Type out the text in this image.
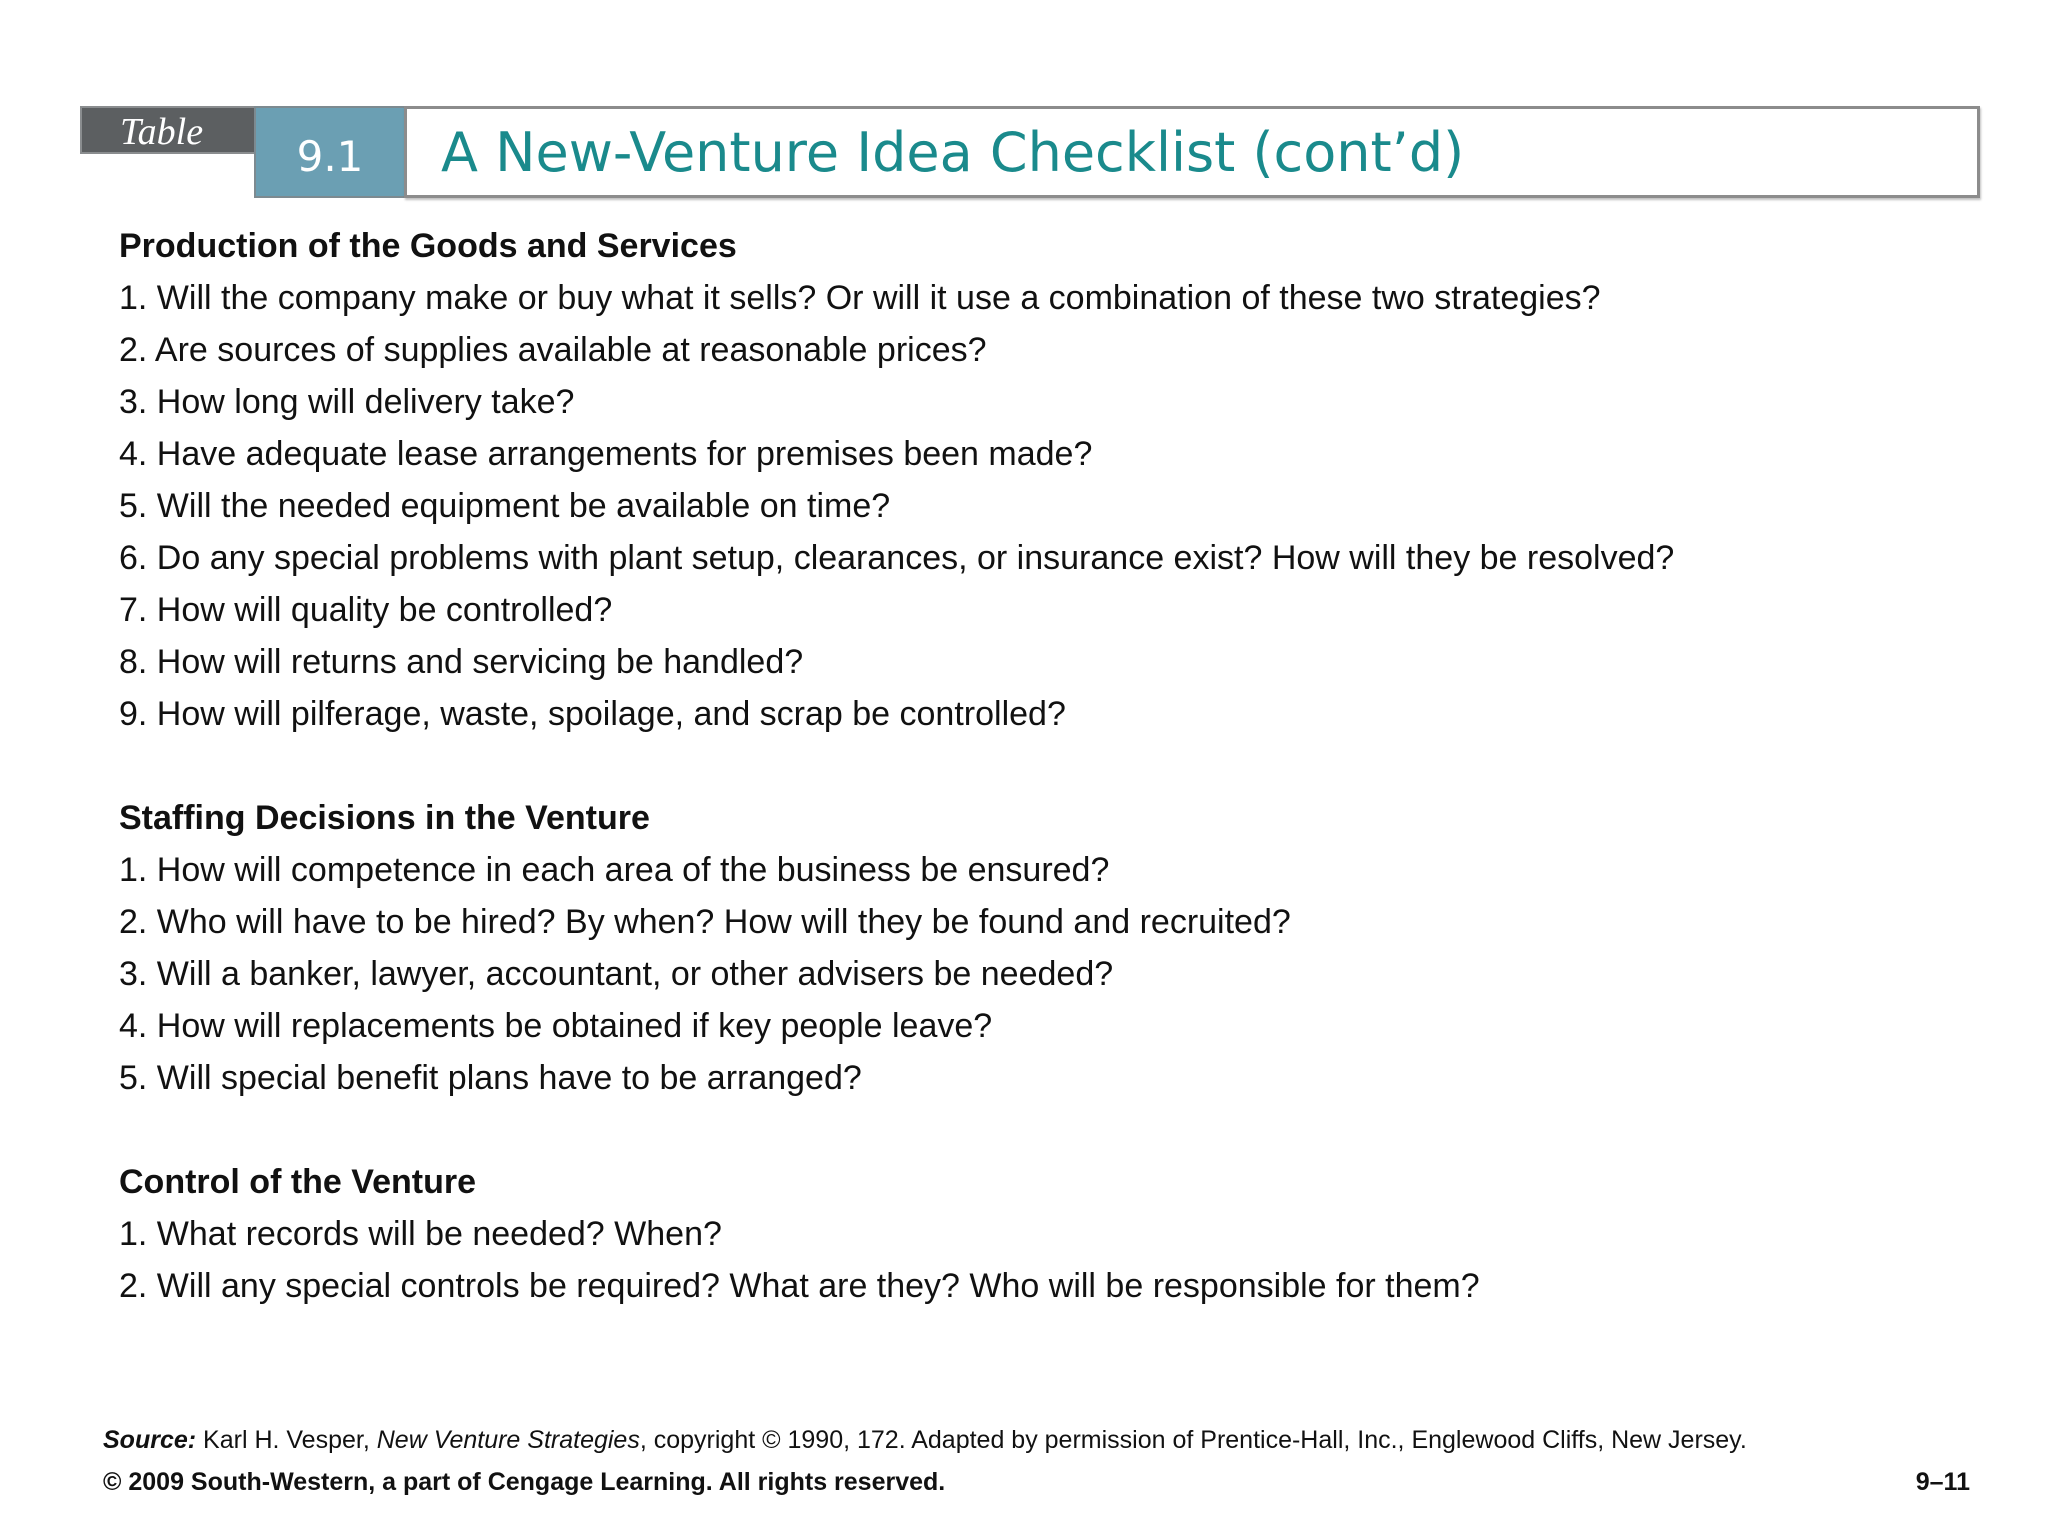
Table	9.1	A New-Venture Idea Checklist (cont’d)
Production of the Goods and Services
1. Will the company make or buy what it sells? Or will it use a combination of these two strategies?
2. Are sources of supplies available at reasonable prices?
3. How long will delivery take?
4. Have adequate lease arrangements for premises been made?
5. Will the needed equipment be available on time?
6. Do any special problems with plant setup, clearances, or insurance exist? How will they be resolved?
7. How will quality be controlled?
8. How will returns and servicing be handled?
9. How will pilferage, waste, spoilage, and scrap be controlled?
Staffing Decisions in the Venture
1. How will competence in each area of the business be ensured?
2. Who will have to be hired? By when? How will they be found and recruited?
3. Will a banker, lawyer, accountant, or other advisers be needed?
4. How will replacements be obtained if key people leave?
5. Will special benefit plans have to be arranged?
Control of the Venture
1. What records will be needed? When?
2. Will any special controls be required? What are they? Who will be responsible for them?
Source: Karl H. Vesper, New Venture Strategies, copyright © 1990, 172. Adapted by permission of Prentice-Hall, Inc., Englewood Cliffs, New Jersey.
© 2009 South-Western, a part of Cengage Learning. All rights reserved.	9–11
